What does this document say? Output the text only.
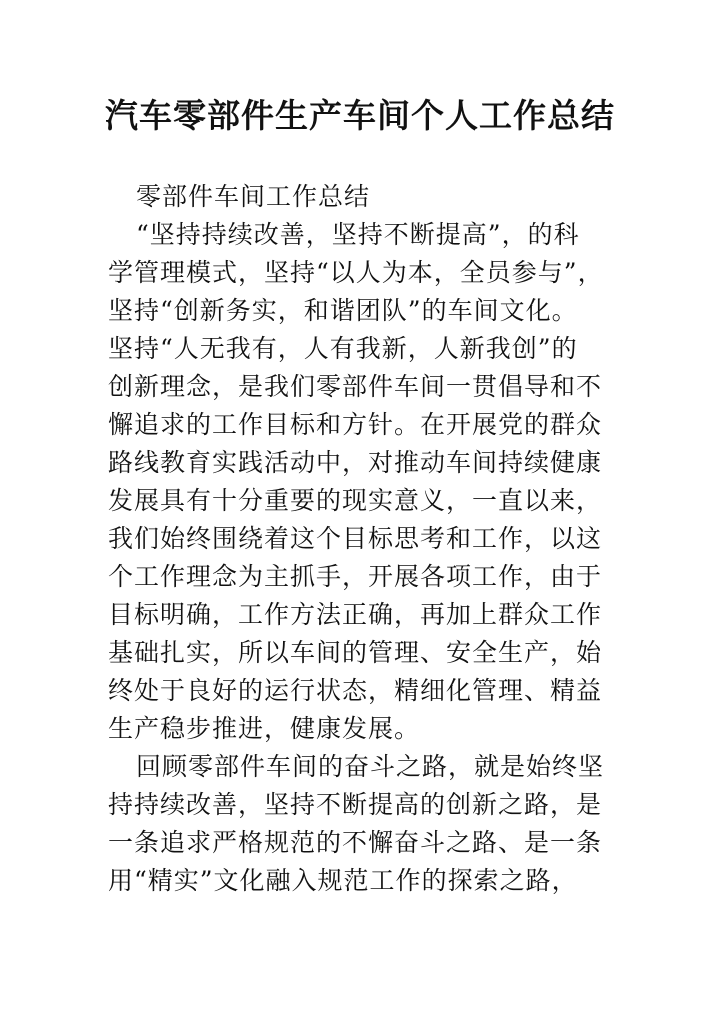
汽车零部件生产车间个人工作总结
零部件车间工作总结
“坚持持续改善，坚持不断提高”，的科
学管理模式，坚持“以人为本，全员参与”，
坚持“创新务实，和谐团队”的车间文化。
坚持“人无我有，人有我新，人新我创”的
创新理念，是我们零部件车间一贯倡导和不
懈追求的工作目标和方针。在开展党的群众
路线教育实践活动中，对推动车间持续健康
发展具有十分重要的现实意义，一直以来，
我们始终围绕着这个目标思考和工作，以这
个工作理念为主抓手，开展各项工作，由于
目标明确，工作方法正确，再加上群众工作
基础扎实，所以车间的管理、安全生产，始
终处于良好的运行状态，精细化管理、精益
生产稳步推进，健康发展。
回顾零部件车间的奋斗之路，就是始终坚
持持续改善，坚持不断提高的创新之路，是
一条追求严格规范的不懈奋斗之路、是一条
用“精实”文化融入规范工作的探索之路，
